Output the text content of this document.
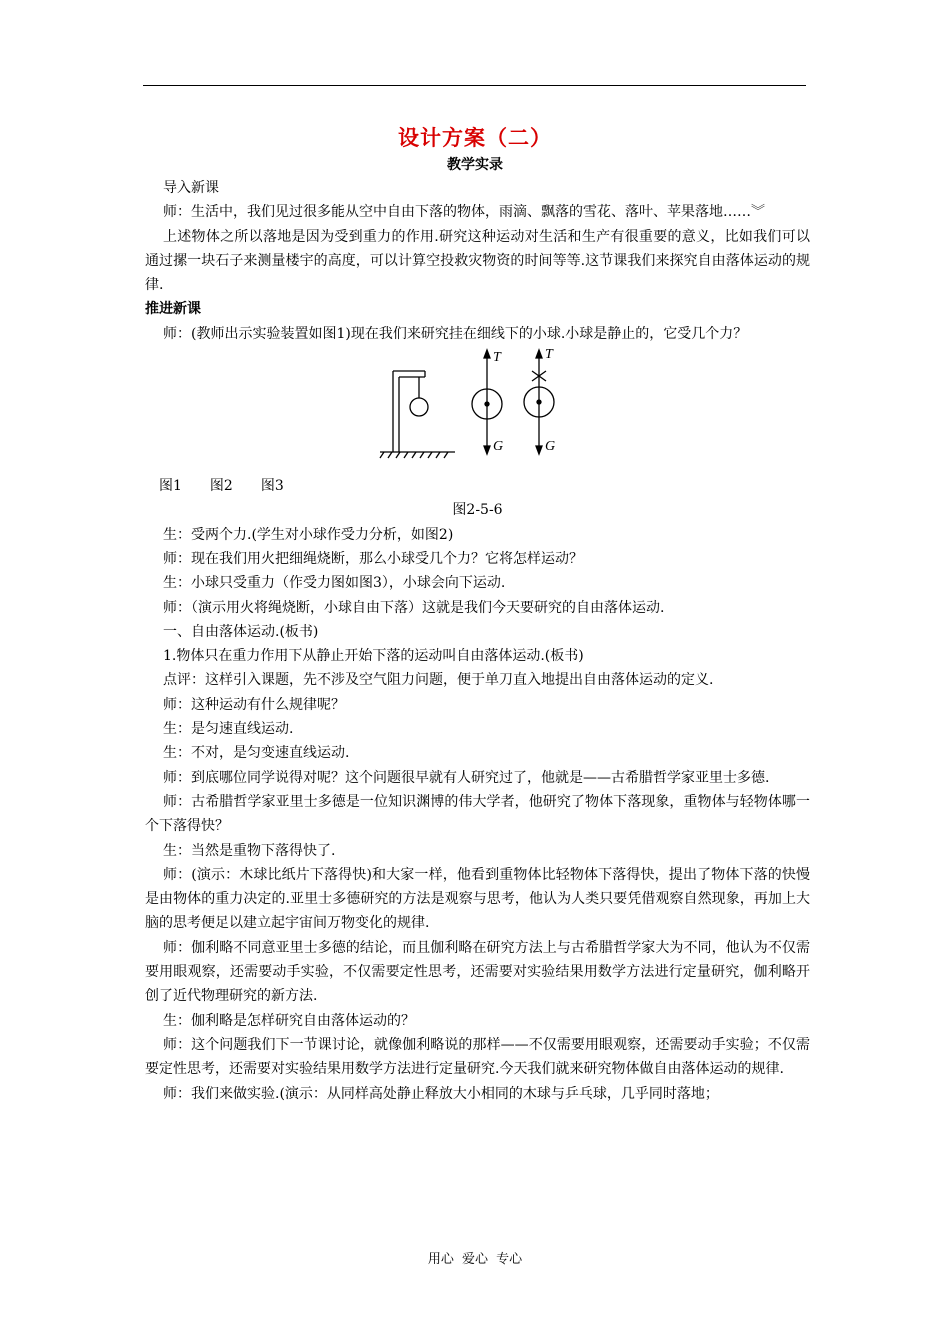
设计方案（二）
教学实录

导入新课

师：生活中，我们见过很多能从空中自由下落的物体，雨滴、飘落的雪花、落叶、苹果落地……︾

上述物体之所以落地是因为受到重力的作用.研究这种运动对生活和生产有很重要的意义，比如我们可以通过摞一块石子来测量楼宇的高度，可以计算空投救灾物资的时间等等.这节课我们来探究自由落体运动的规律.

推进新课

师：(教师出示实验装置如图1)现在我们来研究挂在细线下的小球.小球是静止的，它受几个力？

T
G
T
G

图1 图2 图3

图2-5-6

生：受两个力.(学生对小球作受力分析，如图2)

师：现在我们用火把细绳烧断，那么小球受几个力？它将怎样运动？

生：小球只受重力（作受力图如图3），小球会向下运动.

师：（演示用火将绳烧断，小球自由下落）这就是我们今天要研究的自由落体运动.

一、自由落体运动.(板书)

1.物体只在重力作用下从静止开始下落的运动叫自由落体运动.(板书)

点评：这样引入课题，先不涉及空气阻力问题，便于单刀直入地提出自由落体运动的定义.

师：这种运动有什么规律呢？

生：是匀速直线运动.

生：不对，是匀变速直线运动.

师：到底哪位同学说得对呢？这个问题很早就有人研究过了，他就是——古希腊哲学家亚里士多德.

师：古希腊哲学家亚里士多德是一位知识渊博的伟大学者，他研究了物体下落现象，重物体与轻物体哪一个下落得快？

生：当然是重物下落得快了.

师：(演示：木球比纸片下落得快)和大家一样，他看到重物体比轻物体下落得快，提出了物体下落的快慢是由物体的重力决定的.亚里士多德研究的方法是观察与思考，他认为人类只要凭借观察自然现象，再加上大脑的思考便足以建立起宇宙间万物变化的规律.

师：伽利略不同意亚里士多德的结论，而且伽利略在研究方法上与古希腊哲学家大为不同，他认为不仅需要用眼观察，还需要动手实验，不仅需要定性思考，还需要对实验结果用数学方法进行定量研究，伽利略开创了近代物理研究的新方法.

生：伽利略是怎样研究自由落体运动的？

师：这个问题我们下一节课讨论，就像伽利略说的那样——不仅需要用眼观察，还需要动手实验；不仅需要定性思考，还需要对实验结果用数学方法进行定量研究.今天我们就来研究物体做自由落体运动的规律.

师：我们来做实验.(演示：从同样高处静止释放大小相同的木球与乒乓球，几乎同时落地；

用心 爱心 专心
